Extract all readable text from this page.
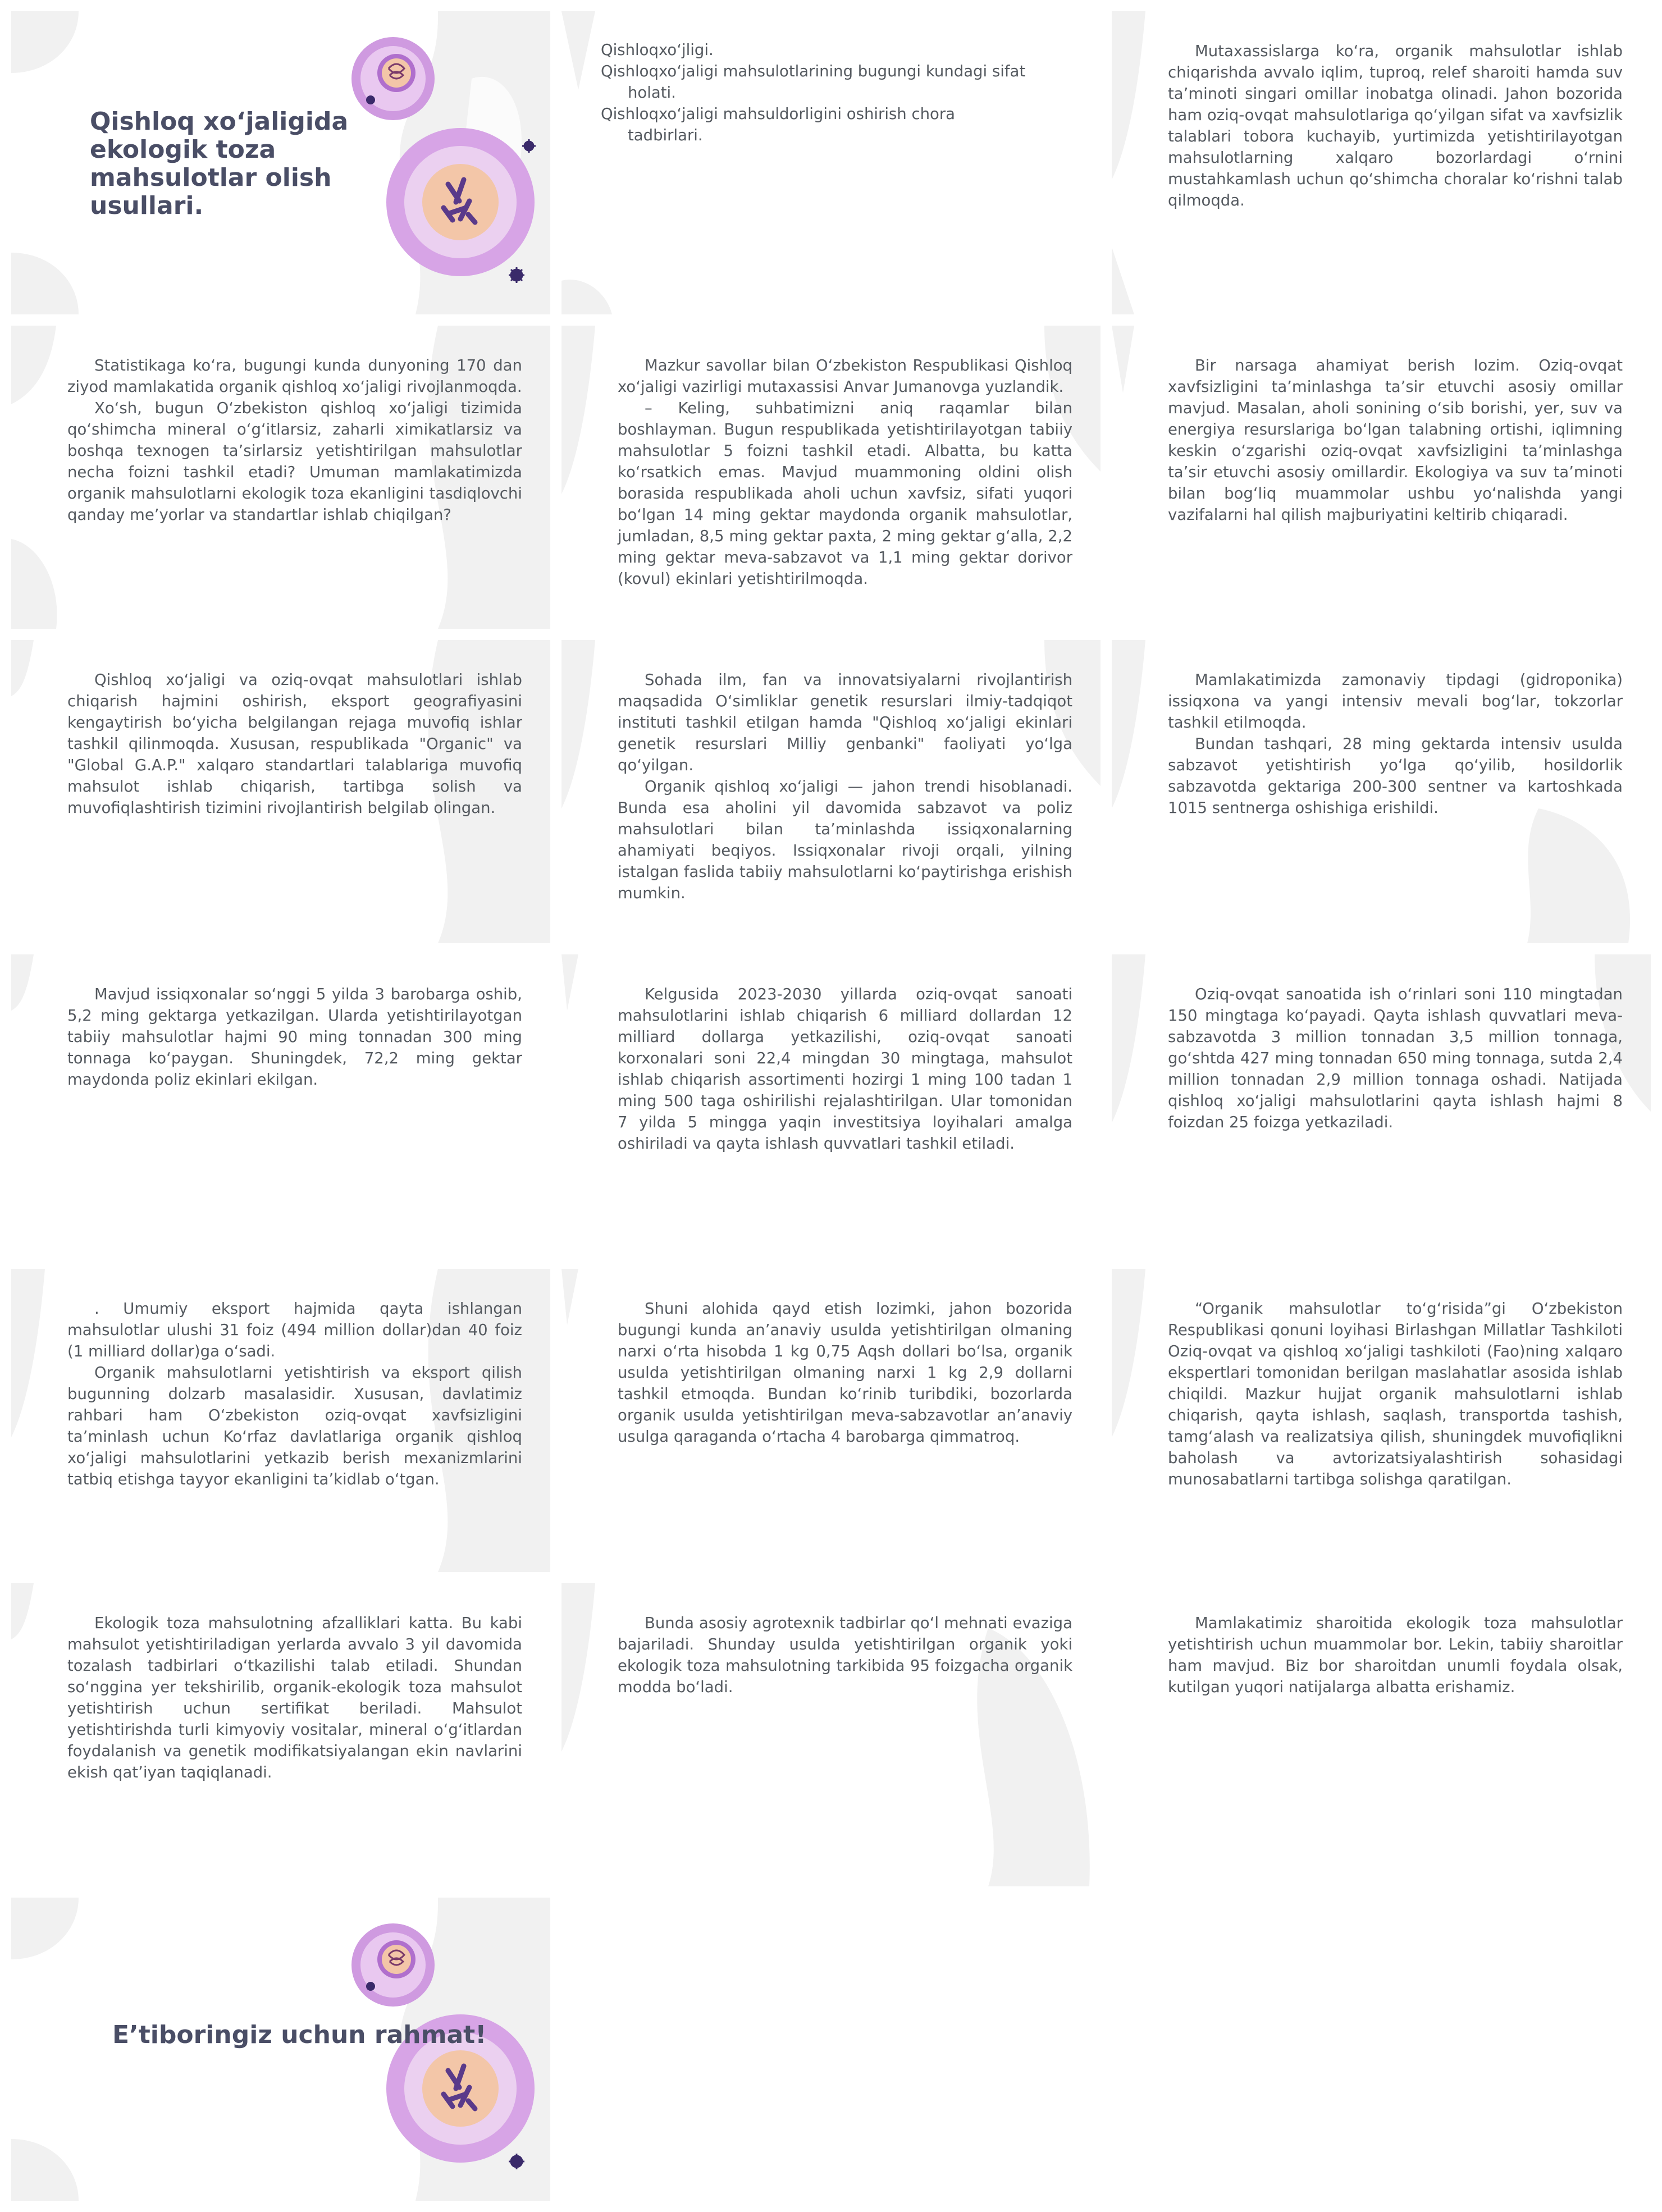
Qishloq xo‘jaligida ekologik toza mahsulotlar olish usullari.
Qishloqxo‘jligi.
Qishloqxo‘jaligi mahsulotlarining bugungi kundagi sifat holati.
Qishloqxo‘jaligi mahsuldorligini oshirish chora tadbirlari.

Mutaxassislarga ko‘ra, organik mahsulotlar ishlab chiqarishda avvalo iqlim, tuproq, relef sharoiti hamda suv ta’minoti singari omillar inobatga olinadi. Jahon bozorida ham oziq-ovqat mahsulotlariga qo‘yilgan sifat va xavfsizlik talablari tobora kuchayib, yurtimizda yetishtirilayotgan mahsulotlarning xalqaro bozorlardagi o‘rnini mustahkamlash uchun qo‘shimcha choralar ko‘rishni talab qilmoqda.

Statistikaga ko‘ra, bugungi kunda dunyoning 170 dan ziyod mamlakatida organik qishloq xo‘jaligi rivojlanmoqda.

Xo‘sh, bugun O‘zbekiston qishloq xo‘jaligi tizimida qo‘shimcha mineral o‘g‘itlarsiz, zaharli ximikatlarsiz va boshqa texnogen ta’sirlarsiz yetishtirilgan mahsulotlar necha foizni tashkil etadi? Umuman mamlakatimizda organik mahsulotlarni ekologik toza ekanligini tasdiqlovchi qanday me’yorlar va standartlar ishlab chiqilgan?

Mazkur savollar bilan O‘zbekiston Respublikasi Qishloq xo‘jaligi vazirligi mutaxassisi Anvar Jumanovga yuzlandik.

– Keling, suhbatimizni aniq raqamlar bilan boshlayman. Bugun respublikada yetishtirilayotgan tabiiy mahsulotlar 5 foizni tashkil etadi. Albatta, bu katta ko‘rsatkich emas. Mavjud muammoning oldini olish borasida respublikada aholi uchun xavfsiz, sifati yuqori bo‘lgan 14 ming gektar maydonda organik mahsulotlar, jumladan, 8,5 ming gektar paxta, 2 ming gektar g‘alla, 2,2 ming gektar meva-sabzavot va 1,1 ming gektar dorivor (kovul) ekinlari yetishtirilmoqda.

Bir narsaga ahamiyat berish lozim. Oziq-ovqat xavfsizligini ta’minlashga ta’sir etuvchi asosiy omillar mavjud. Masalan, aholi sonining o‘sib borishi, yer, suv va energiya resurslariga bo‘lgan talabning ortishi, iqlimning keskin o‘zgarishi oziq-ovqat xavfsizligini ta’minlashga ta’sir etuvchi asosiy omillardir. Ekologiya va suv ta’minoti bilan bog‘liq muammolar ushbu yo‘nalishda yangi vazifalarni hal qilish majburiyatini keltirib chiqaradi.

Qishloq xo‘jaligi va oziq-ovqat mahsulotlari ishlab chiqarish hajmini oshirish, eksport geografiyasini kengaytirish bo‘yicha belgilangan rejaga muvofiq ishlar tashkil qilinmoqda. Xususan, respublikada "Organic" va "Global G.A.P." xalqaro standartlari talablariga muvofiq mahsulot ishlab chiqarish, tartibga solish va muvofiqlashtirish tizimini rivojlantirish belgilab olingan.

Sohada ilm, fan va innovatsiyalarni rivojlantirish maqsadida O‘simliklar genetik resurslari ilmiy-tadqiqot instituti tashkil etilgan hamda "Qishloq xo‘jaligi ekinlari genetik resurslari Milliy genbanki" faoliyati yo‘lga qo‘yilgan.

Organik qishloq xo‘jaligi — jahon trendi hisoblanadi. Bunda esa aholini yil davomida sabzavot va poliz mahsulotlari bilan ta’minlashda issiqxonalarning ahamiyati beqiyos. Issiqxonalar rivoji orqali, yilning istalgan faslida tabiiy mahsulotlarni ko‘paytirishga erishish mumkin.

Mamlakatimizda zamonaviy tipdagi (gidroponika) issiqxona va yangi intensiv mevali bog‘lar, tokzorlar tashkil etilmoqda.

Bundan tashqari, 28 ming gektarda intensiv usulda sabzavot yetishtirish yo‘lga qo‘yilib, hosildorlik sabzavotda gektariga 200-300 sentner va kartoshkada 1015 sentnerga oshishiga erishildi.

Mavjud issiqxonalar so‘nggi 5 yilda 3 barobarga oshib, 5,2 ming gektarga yetkazilgan. Ularda yetishtirilayotgan tabiiy mahsulotlar hajmi 90 ming tonnadan 300 ming tonnaga ko‘paygan. Shuningdek, 72,2 ming gektar maydonda poliz ekinlari ekilgan.

Kelgusida 2023-2030 yillarda oziq-ovqat sanoati mahsulotlarini ishlab chiqarish 6 milliard dollardan 12 milliard dollarga yetkazilishi, oziq-ovqat sanoati korxonalari soni 22,4 mingdan 30 mingtaga, mahsulot ishlab chiqarish assortimenti hozirgi 1 ming 100 tadan 1 ming 500 taga oshirilishi rejalashtirilgan. Ular tomonidan 7 yilda 5 mingga yaqin investitsiya loyihalari amalga oshiriladi va qayta ishlash quvvatlari tashkil etiladi.

Oziq-ovqat sanoatida ish o‘rinlari soni 110 mingtadan 150 mingtaga ko‘payadi. Qayta ishlash quvvatlari meva-sabzavotda 3 million tonnadan 3,5 million tonnaga, go‘shtda 427 ming tonnadan 650 ming tonnaga, sutda 2,4 million tonnadan 2,9 million tonnaga oshadi. Natijada qishloq xo‘jaligi mahsulotlarini qayta ishlash hajmi 8 foizdan 25 foizga yetkaziladi.

. Umumiy eksport hajmida qayta ishlangan mahsulotlar ulushi 31 foiz (494 million dollar)dan 40 foiz (1 milliard dollar)ga o‘sadi.

Organik mahsulotlarni yetishtirish va eksport qilish bugunning dolzarb masalasidir. Xususan, davlatimiz rahbari ham O‘zbekiston oziq-ovqat xavfsizligini ta’minlash uchun Ko‘rfaz davlatlariga organik qishloq xo‘jaligi mahsulotlarini yetkazib berish mexanizmlarini tatbiq etishga tayyor ekanligini ta’kidlab o‘tgan.

Shuni alohida qayd etish lozimki, jahon bozorida bugungi kunda an’anaviy usulda yetishtirilgan olmaning narxi o‘rta hisobda 1 kg 0,75 Aqsh dollari bo‘lsa, organik usulda yetishtirilgan olmaning narxi 1 kg 2,9 dollarni tashkil etmoqda. Bundan ko‘rinib turibdiki, bozorlarda organik usulda yetishtirilgan meva-sabzavotlar an’anaviy usulga qaraganda o‘rtacha 4 barobarga qimmatroq.

“Organik mahsulotlar to‘g‘risida”gi O‘zbekiston Respublikasi qonuni loyihasi Birlashgan Millatlar Tashkiloti Oziq-ovqat va qishloq xo‘jaligi tashkiloti (Fao)ning xalqaro ekspertlari tomonidan berilgan maslahatlar asosida ishlab chiqildi. Mazkur hujjat organik mahsulotlarni ishlab chiqarish, qayta ishlash, saqlash, transportda tashish, tamg‘alash va realizatsiya qilish, shuningdek muvofiqlikni baholash va avtorizatsiyalashtirish sohasidagi munosabatlarni tartibga solishga qaratilgan.

Ekologik toza mahsulotning afzalliklari katta. Bu kabi mahsulot yetishtiriladigan yerlarda avvalo 3 yil davomida tozalash tadbirlari o‘tkazilishi talab etiladi. Shundan so‘nggina yer tekshirilib, organik-ekologik toza mahsulot yetishtirish uchun sertifikat beriladi. Mahsulot yetishtirishda turli kimyoviy vositalar, mineral o‘g‘itlardan foydalanish va genetik modifikatsiyalangan ekin navlarini ekish qat’iyan taqiqlanadi.

Bunda asosiy agrotexnik tadbirlar qo‘l mehnati evaziga bajariladi. Shunday usulda yetishtirilgan organik yoki ekologik toza mahsulotning tarkibida 95 foizgacha organik modda bo‘ladi.

Mamlakatimiz sharoitida ekologik toza mahsulotlar yetishtirish uchun muammolar bor. Lekin, tabiiy sharoitlar ham mavjud. Biz bor sharoitdan unumli foydala olsak, kutilgan yuqori natijalarga albatta erishamiz.

E’tiboringiz uchun rahmat!
